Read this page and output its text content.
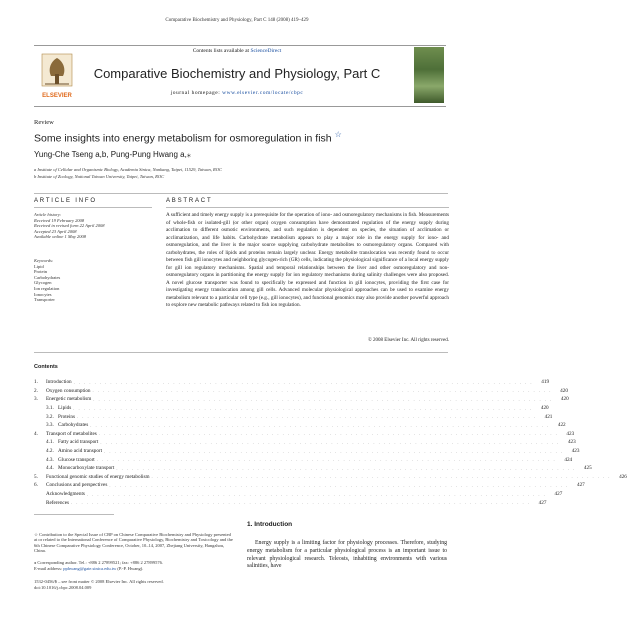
Comparative Biochemistry and Physiology, Part C 148 (2008) 419–429
ELSEVIER
Contents lists available at ScienceDirect
Comparative Biochemistry and Physiology, Part C
journal homepage: www.elsevier.com/locate/cbpc
Review
Some insights into energy metabolism for osmoregulation in fish ☆
Yung-Che Tseng a,b, Pung-Pung Hwang a,⁎
a Institute of Cellular and Organismic Biology, Academia Sinica, Nankang, Taipei, 11529, Taiwan, ROC
b Institute of Zoology, National Taiwan University, Taipei, Taiwan, ROC
ARTICLE INFO	ABSTRACT
Article history:
Received 19 February 2008
Received in revised form 22 April 2008
Accepted 23 April 2008
Available online 1 May 2008
Keywords:
Lipid
Protein
Carbohydrates
Glycogen
Ion regulation
Ionocytes
Transporter
A sufficient and timely energy supply is a prerequisite for the operation of iono- and osmoregulatory mechanisms in fish. Measurements of whole-fish or isolated-gill (or other organ) oxygen consumption have demonstrated regulation of the energy supply during acclimation to different osmotic environments, and such regulation is dependent on species, the situation of acclimation or acclimatization, and life habits. Carbohydrate metabolism appears to play a major role in the energy supply for iono- and osmoregulation, and the liver is the major source supplying carbohydrate metabolites to osmoregulatory organs. Compared with carbohydrates, the roles of lipids and proteins remain largely unclear. Energy metabolite translocation was recently found to occur between fish gill ionocytes and neighboring glycogen-rich (GR) cells, indicating the physiological significance of a local energy supply for gill ion regulatory mechanisms. Spatial and temporal relationships between the liver and other osmoregulatory and non-osmoregulatory organs in partitioning the energy supply for ion regulatory mechanisms during salinity challenges were also proposed. A novel glucose transporter was found to specifically be expressed and function in gill ionocytes, providing the first case for investigating energy translocation among gill cells. Advanced molecular physiological approaches can be used to examine energy metabolism relevant to a particular cell type (e.g., gill ionocytes), and functional genomics may also provide another powerful approach to explore new metabolic pathways related to fish ion regulation.
© 2008 Elsevier Inc. All rights reserved.
Contents
1.	Introduction . . . . . . . . . . . . . . . . . . . . . . . . . . . . . . . . . . . . . . . . . . . . . . . . . . . . . . . . . . . . . . . . . . . . . . . . . . . . . . . . . . . . . . . .	419
2.	Oxygen consumption . . . . . . . . . . . . . . . . . . . . . . . . . . . . . . . . . . . . . . . . . . . . . . . . . . . . . . . . . . . . . . . . . . . . . . . . . . . . . . . . . . . . . . . .	420
3.	Energetic metabolism . . . . . . . . . . . . . . . . . . . . . . . . . . . . . . . . . . . . . . . . . . . . . . . . . . . . . . . . . . . . . . . . . . . . . . . . . . . . . . . . . . . . . . . .	420
3.1. Lipids . . . . . . . . . . . . . . . . . . . . . . . . . . . . . . . . . . . . . . . . . . . . . . . . . . . . . . . . . . . . . . . . . . . . . . . . . . . . . . . . . . . . . . . .	420
3.2. Proteins . . . . . . . . . . . . . . . . . . . . . . . . . . . . . . . . . . . . . . . . . . . . . . . . . . . . . . . . . . . . . . . . . . . . . . . . . . . . . . . . . . . . . . . .	421
3.3. Carbohydrates . . . . . . . . . . . . . . . . . . . . . . . . . . . . . . . . . . . . . . . . . . . . . . . . . . . . . . . . . . . . . . . . . . . . . . . . . . . . . . . . . . . . . . . .	422
4.	Transport of metabolites . . . . . . . . . . . . . . . . . . . . . . . . . . . . . . . . . . . . . . . . . . . . . . . . . . . . . . . . . . . . . . . . . . . . . . . . . . . . . . . . . . . . . . . .	423
4.1. Fatty acid transport . . . . . . . . . . . . . . . . . . . . . . . . . . . . . . . . . . . . . . . . . . . . . . . . . . . . . . . . . . . . . . . . . . . . . . . . . . . . . . . . . . . . . . . .	423
4.2. Amino acid transport . . . . . . . . . . . . . . . . . . . . . . . . . . . . . . . . . . . . . . . . . . . . . . . . . . . . . . . . . . . . . . . . . . . . . . . . . . . . . . . . . . . . . . . .	423
4.3. Glucose transport . . . . . . . . . . . . . . . . . . . . . . . . . . . . . . . . . . . . . . . . . . . . . . . . . . . . . . . . . . . . . . . . . . . . . . . . . . . . . . . . . . . . . . . .	424
4.4. Monocarboxylate transport . . . . . . . . . . . . . . . . . . . . . . . . . . . . . . . . . . . . . . . . . . . . . . . . . . . . . . . . . . . . . . . . . . . . . . . . . . . . . . . . . . . . . . . .	425
5.	Functional genomic studies of energy metabolism . . . . . . . . . . . . . . . . . . . . . . . . . . . . . . . . . . . . . . . . . . . . . . . . . . . . . . . . . . . . . . . . . . . . . . . . . . . . . . . . . . . . . . . .	426
6.	Conclusions and perspectives . . . . . . . . . . . . . . . . . . . . . . . . . . . . . . . . . . . . . . . . . . . . . . . . . . . . . . . . . . . . . . . . . . . . . . . . . . . . . . . . . . . . . . . .	427
Acknowledgments . . . . . . . . . . . . . . . . . . . . . . . . . . . . . . . . . . . . . . . . . . . . . . . . . . . . . . . . . . . . . . . . . . . . . . . . . . . . . . . . . . . . . . . .	427
References . . . . . . . . . . . . . . . . . . . . . . . . . . . . . . . . . . . . . . . . . . . . . . . . . . . . . . . . . . . . . . . . . . . . . . . . . . . . . . . . . . . . . . . .	427
☆ Contribution to the Special Issue of CBP on Chinese Comparative Biochemistry and Physiology presented at or related to the International Conference of Comparative Physiology, Biochemistry and Toxicology and the 6th Chinese Comparative Physiology Conference, October, 10–14, 2007, Zhejiang University, Hangzhou, China.
⁎ Corresponding author. Tel.: +886 2 27899521; fax: +886 2 27899576.
E-mail address: pphwang@gate.sinica.edu.tw (P.-P. Hwang).
1532-0456/$ – see front matter © 2008 Elsevier Inc. All rights reserved.
doi:10.1016/j.cbpc.2008.04.009
1. Introduction
Energy supply is a limiting factor for physiology processes. Therefore, studying energy metabolism for a particular physiological process is an important issue to relevant physiological research. Teleosts, inhabiting environments with various salinities, have
